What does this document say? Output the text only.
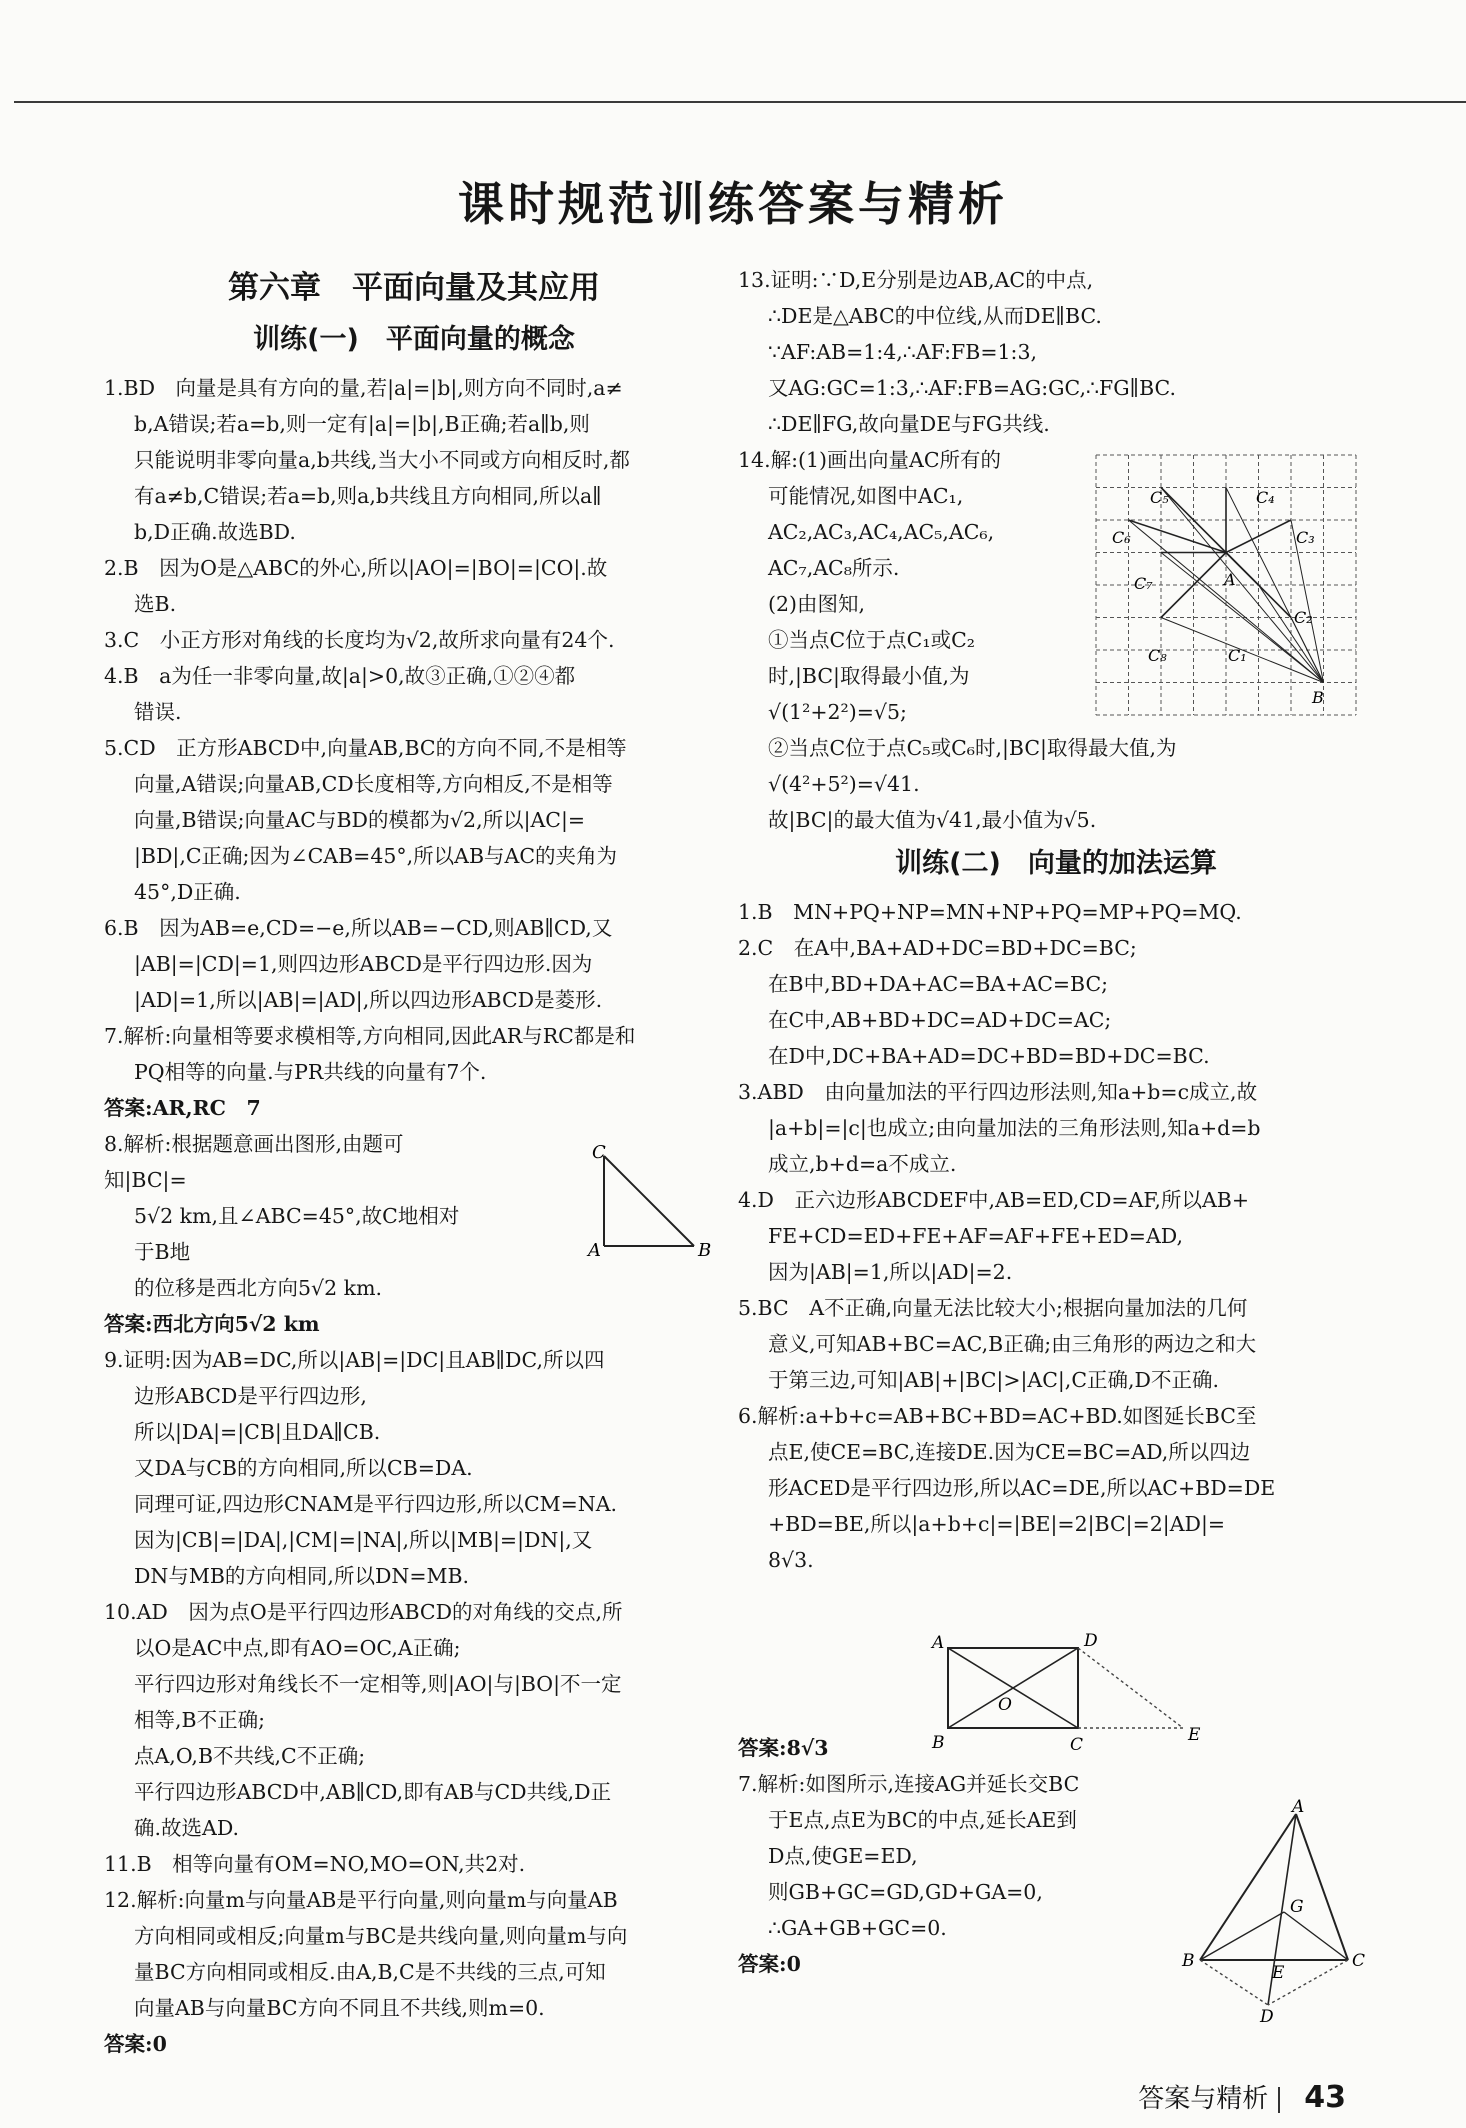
课时规范训练答案与精析
第六章　平面向量及其应用
训练(一)　平面向量的概念
1.BD　向量是具有方向的量,若|a|=|b|,则方向不同时,a≠
b,A错误;若a=b,则一定有|a|=|b|,B正确;若a∥b,则
只能说明非零向量a,b共线,当大小不同或方向相反时,都
有a≠b,C错误;若a=b,则a,b共线且方向相同,所以a∥
b,D正确.故选BD.
2.B　因为O是△ABC的外心,所以|AO|=|BO|=|CO|.故
选B.
3.C　小正方形对角线的长度均为√2,故所求向量有24个.
4.B　a为任一非零向量,故|a|>0,故③正确,①②④都
错误.
5.CD　正方形ABCD中,向量AB,BC的方向不同,不是相等
向量,A错误;向量AB,CD长度相等,方向相反,不是相等
向量,B错误;向量AC与BD的模都为√2,所以|AC|=
|BD|,C正确;因为∠CAB=45°,所以AB与AC的夹角为
45°,D正确.
6.B　因为AB=e,CD=−e,所以AB=−CD,则AB∥CD,又
|AB|=|CD|=1,则四边形ABCD是平行四边形.因为
|AD|=1,所以|AB|=|AD|,所以四边形ABCD是菱形.
7.解析:向量相等要求模相等,方向相同,因此AR与RC都是和
PQ相等的向量.与PR共线的向量有7个.
答案:AR,RC　7
8.解析:根据题意画出图形,由题可知|BC|=
5√2 km,且∠ABC=45°,故C地相对于B地
的位移是西北方向5√2 km.
答案:西北方向5√2 km
9.证明:因为AB=DC,所以|AB|=|DC|且AB∥DC,所以四
边形ABCD是平行四边形,
所以|DA|=|CB|且DA∥CB.
又DA与CB的方向相同,所以CB=DA.
同理可证,四边形CNAM是平行四边形,所以CM=NA.
因为|CB|=|DA|,|CM|=|NA|,所以|MB|=|DN|,又
DN与MB的方向相同,所以DN=MB.
10.AD　因为点O是平行四边形ABCD的对角线的交点,所
以O是AC中点,即有AO=OC,A正确;
平行四边形对角线长不一定相等,则|AO|与|BO|不一定
相等,B不正确;
点A,O,B不共线,C不正确;
平行四边形ABCD中,AB∥CD,即有AB与CD共线,D正
确.故选AD.
11.B　相等向量有OM=NO,MO=ON,共2对.
12.解析:向量m与向量AB是平行向量,则向量m与向量AB
方向相同或相反;向量m与BC是共线向量,则向量m与向
量BC方向相同或相反.由A,B,C是不共线的三点,可知
向量AB与向量BC方向不同且不共线,则m=0.
答案:0
13.证明:∵D,E分别是边AB,AC的中点,
∴DE是△ABC的中位线,从而DE∥BC.
∵AF:AB=1:4,∴AF:FB=1:3,
又AG:GC=1:3,∴AF:FB=AG:GC,∴FG∥BC.
∴DE∥FG,故向量DE与FG共线.
14.解:(1)画出向量AC所有的
可能情况,如图中AC₁,
AC₂,AC₃,AC₄,AC₅,AC₆,
AC₇,AC₈所示.
(2)由图知,
①当点C位于点C₁或C₂
时,|BC|取得最小值,为
√(1²+2²)=√5;
②当点C位于点C₅或C₆时,|BC|取得最大值,为
√(4²+5²)=√41.
故|BC|的最大值为√41,最小值为√5.
训练(二)　向量的加法运算
1.B　MN+PQ+NP=MN+NP+PQ=MP+PQ=MQ.
2.C　在A中,BA+AD+DC=BD+DC=BC;
在B中,BD+DA+AC=BA+AC=BC;
在C中,AB+BD+DC=AD+DC=AC;
在D中,DC+BA+AD=DC+BD=BD+DC=BC.
3.ABD　由向量加法的平行四边形法则,知a+b=c成立,故
|a+b|=|c|也成立;由向量加法的三角形法则,知a+d=b
成立,b+d=a不成立.
4.D　正六边形ABCDEF中,AB=ED,CD=AF,所以AB+
FE+CD=ED+FE+AF=AF+FE+ED=AD,
因为|AB|=1,所以|AD|=2.
5.BC　A不正确,向量无法比较大小;根据向量加法的几何
意义,可知AB+BC=AC,B正确;由三角形的两边之和大
于第三边,可知|AB|+|BC|>|AC|,C正确,D不正确.
6.解析:a+b+c=AB+BC+BD=AC+BD.如图延长BC至
点E,使CE=BC,连接DE.因为CE=BC=AD,所以四边
形ACED是平行四边形,所以AC=DE,所以AC+BD=DE
+BD=BE,所以|a+b+c|=|BE|=2|BC|=2|AD|=
8√3.
答案:8√3
7.解析:如图所示,连接AG并延长交BC
于E点,点E为BC的中点,延长AE到
D点,使GE=ED,
则GB+GC=GD,GD+GA=0,
∴GA+GB+GC=0.
答案:0
C
A	B
C₅	C₄
C₆	C₃
C₇	A
C₂
C₈	C₁
B
A	D
O
B	C	E
A
G
B	C
E
D
答案与精析 43
